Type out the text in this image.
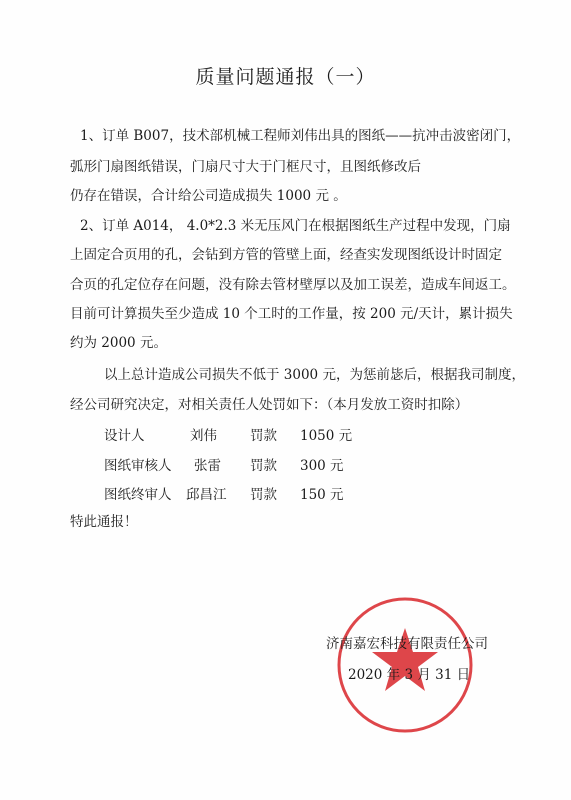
质量问题通报（一）
1、订单 B007，技术部机械工程师刘伟出具的图纸——抗冲击波密闭门，
弧形门扇图纸错误，门扇尺寸大于门框尺寸，且图纸修改后
仍存在错误，合计给公司造成损失 1000 元 。
2、订单 A014， 4.0*2.3 米无压风门在根据图纸生产过程中发现，门扇
上固定合页用的孔，会钻到方管的管壁上面，经查实发现图纸设计时固定
合页的孔定位存在问题，没有除去管材壁厚以及加工误差，造成车间返工。
目前可计算损失至少造成 10 个工时的工作量，按 200 元/天计，累计损失
约为 2000 元。
以上总计造成公司损失不低于 3000 元，为惩前毖后，根据我司制度，
经公司研究决定，对相关责任人处罚如下：（本月发放工资时扣除）
设计人	刘伟 罚款 1050 元
图纸审核人 张雷 罚款 300 元
图纸终审人 邱昌江 罚款 150 元
特此通报！
济南嘉宏科技有限责任公司
2020 年 3 月 31 日
